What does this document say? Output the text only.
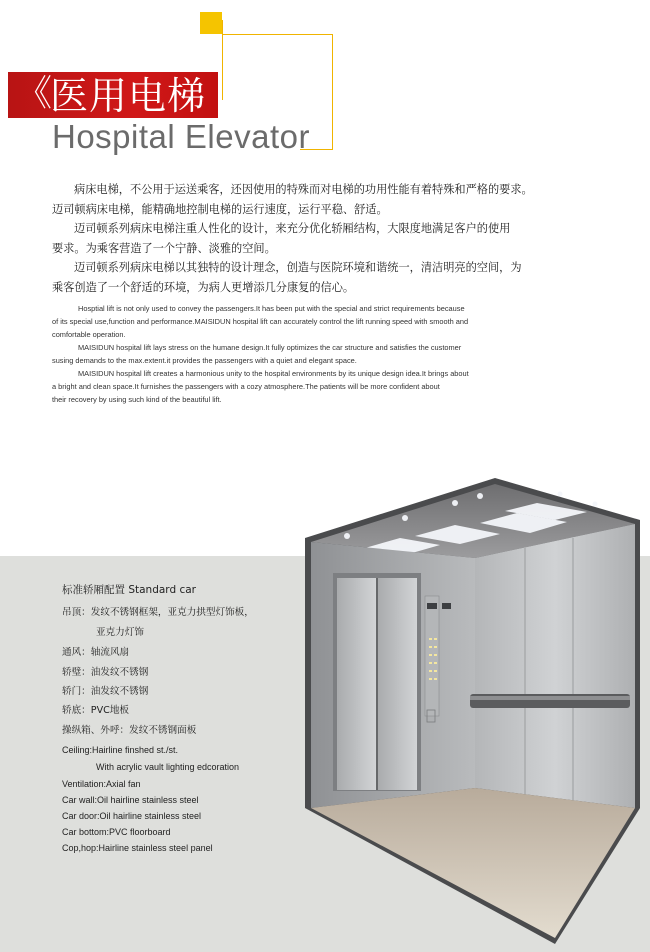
《 医用电梯
Hospital Elevator

病床电梯，不公用于运送乘客，还因使用的特殊而对电梯的功用性能有着特殊和严格的要求。

迈司顿病床电梯，能精确地控制电梯的运行速度，运行平稳、舒适。

迈司顿系列病床电梯注重人性化的设计，来充分优化轿厢结构，大限度地满足客户的使用

要求。为乘客营造了一个宁静、淡雅的空间。

迈司顿系列病床电梯以其独特的设计理念，创造与医院环境和谐统一，清洁明亮的空间，为

乘客创造了一个舒适的环境，为病人更增添几分康复的信心。

Hosptial lift is not only used to convey the passengers.It has been put with the special and strict requirements because

of its special use,function and performance.MAISIDUN hospital lift can accurately control the lift running speed with smooth and

comfortable operation.

MAISIDUN hospital lift lays stress on the humane design.It fully optimizes the car structure and satisfies the customer

susing demands to the max.extent.it provides the passengers with a quiet and elegant space.

MAISIDUN hospital lift creates a harmonious unity to the hospital environments by its unique design idea.It brings about

a bright and clean space.It furnishes the passengers with a cozy atmosphere.The patients will be more confident about

their recovery by using such kind of the beautiful lift.

标准轿厢配置 Standard car
吊顶：发纹不锈钢框架，亚克力拱型灯饰板，
亚克力灯饰
通风：轴流风扇
轿璧：油发纹不锈钢
轿门：油发纹不锈钢
轿底：PVC地板
操纵箱、外呼：发纹不锈钢面板
Ceiling:Hairline finshed st./st.
With acrylic vault lighting edcoration
Ventilation:Axial fan
Car wall:Oil hairline stainless steel
Car door:Oil hairline stainless steel
Car bottom:PVC floorboard
Cop,hop:Hairline stainless steel panel
